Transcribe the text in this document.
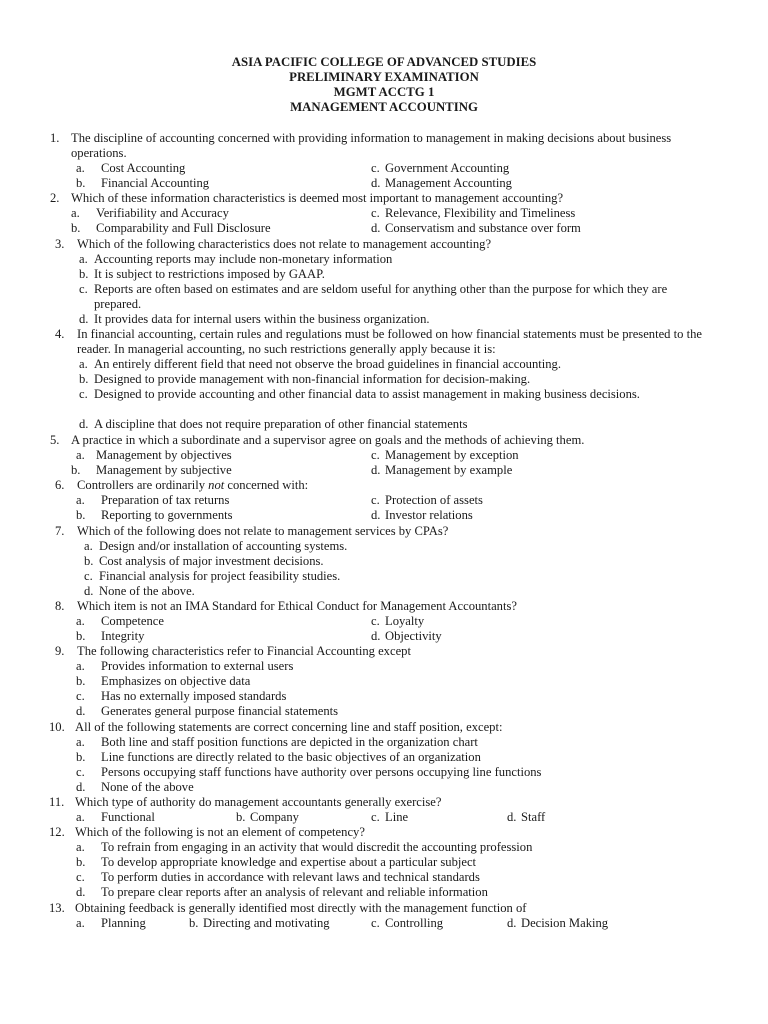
ASIA PACIFIC COLLEGE OF ADVANCED STUDIES
PRELIMINARY EXAMINATION
MGMT ACCTG 1
MANAGEMENT ACCOUNTING
1. The discipline of accounting concerned with providing information to management in making decisions about business operations.
a. Cost Accounting	c. Government Accounting
b. Financial Accounting	d. Management Accounting
2. Which of these information characteristics is deemed most important to management accounting?
a. Verifiability and Accuracy	c. Relevance, Flexibility and Timeliness
b. Comparability and Full Disclosure	d. Conservatism and substance over form
3. Which of the following characteristics does not relate to management accounting?
a. Accounting reports may include non-monetary information
b. It is subject to restrictions imposed by GAAP.
c. Reports are often based on estimates and are seldom useful for anything other than the purpose for which they are prepared.
d. It provides data for internal users within the business organization.
4. In financial accounting, certain rules and regulations must be followed on how financial statements must be presented to the reader. In managerial accounting, no such restrictions generally apply because it is:
a. An entirely different field that need not observe the broad guidelines in financial accounting.
b. Designed to provide management with non-financial information for decision-making.
c. Designed to provide accounting and other financial data to assist management in making business decisions.
d. A discipline that does not require preparation of other financial statements
5. A practice in which a subordinate and a supervisor agree on goals and the methods of achieving them.
a. Management by objectives	c. Management by exception
b. Management by subjective	d. Management by example
6. Controllers are ordinarily not concerned with:
a. Preparation of tax returns	c. Protection of assets
b. Reporting to governments	d. Investor relations
7. Which of the following does not relate to management services by CPAs?
a. Design and/or installation of accounting systems.
b. Cost analysis of major investment decisions.
c. Financial analysis for project feasibility studies.
d. None of the above.
8. Which item is not an IMA Standard for Ethical Conduct for Management Accountants?
a. Competence	c. Loyalty
b. Integrity	d. Objectivity
9. The following characteristics refer to Financial Accounting except
a. Provides information to external users
b. Emphasizes on objective data
c. Has no externally imposed standards
d. Generates general purpose financial statements
10. All of the following statements are correct concerning line and staff position, except:
a. Both line and staff position functions are depicted in the organization chart
b. Line functions are directly related to the basic objectives of an organization
c. Persons occupying staff functions have authority over persons occupying line functions
d. None of the above
11. Which type of authority do management accountants generally exercise?
a. Functional	b. Company	c. Line	d. Staff
12. Which of the following is not an element of competency?
a. To refrain from engaging in an activity that would discredit the accounting profession
b. To develop appropriate knowledge and expertise about a particular subject
c. To perform duties in accordance with relevant laws and technical standards
d. To prepare clear reports after an analysis of relevant and reliable information
13. Obtaining feedback is generally identified most directly with the management function of
a. Planning	b. Directing and motivating	c. Controlling	d. Decision Making
